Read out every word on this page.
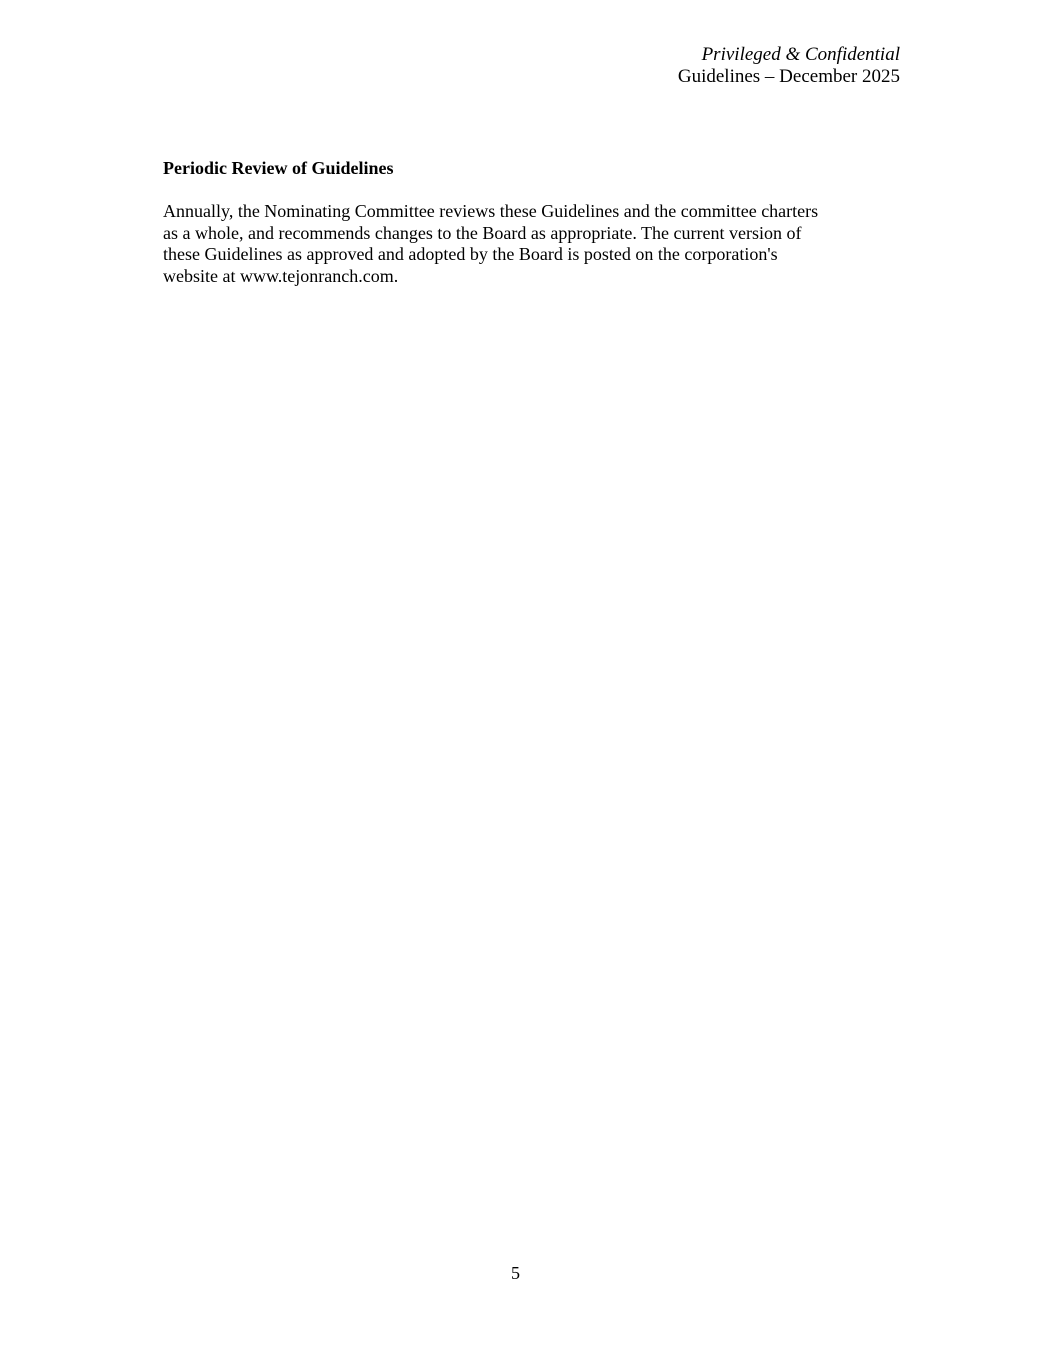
Privileged & Confidential
Guidelines – December 2025
Periodic Review of Guidelines

Annually, the Nominating Committee reviews these Guidelines and the committee charters
as a whole, and recommends changes to the Board as appropriate. The current version of
these Guidelines as approved and adopted by the Board is posted on the corporation's
website at www.tejonranch.com.

5
